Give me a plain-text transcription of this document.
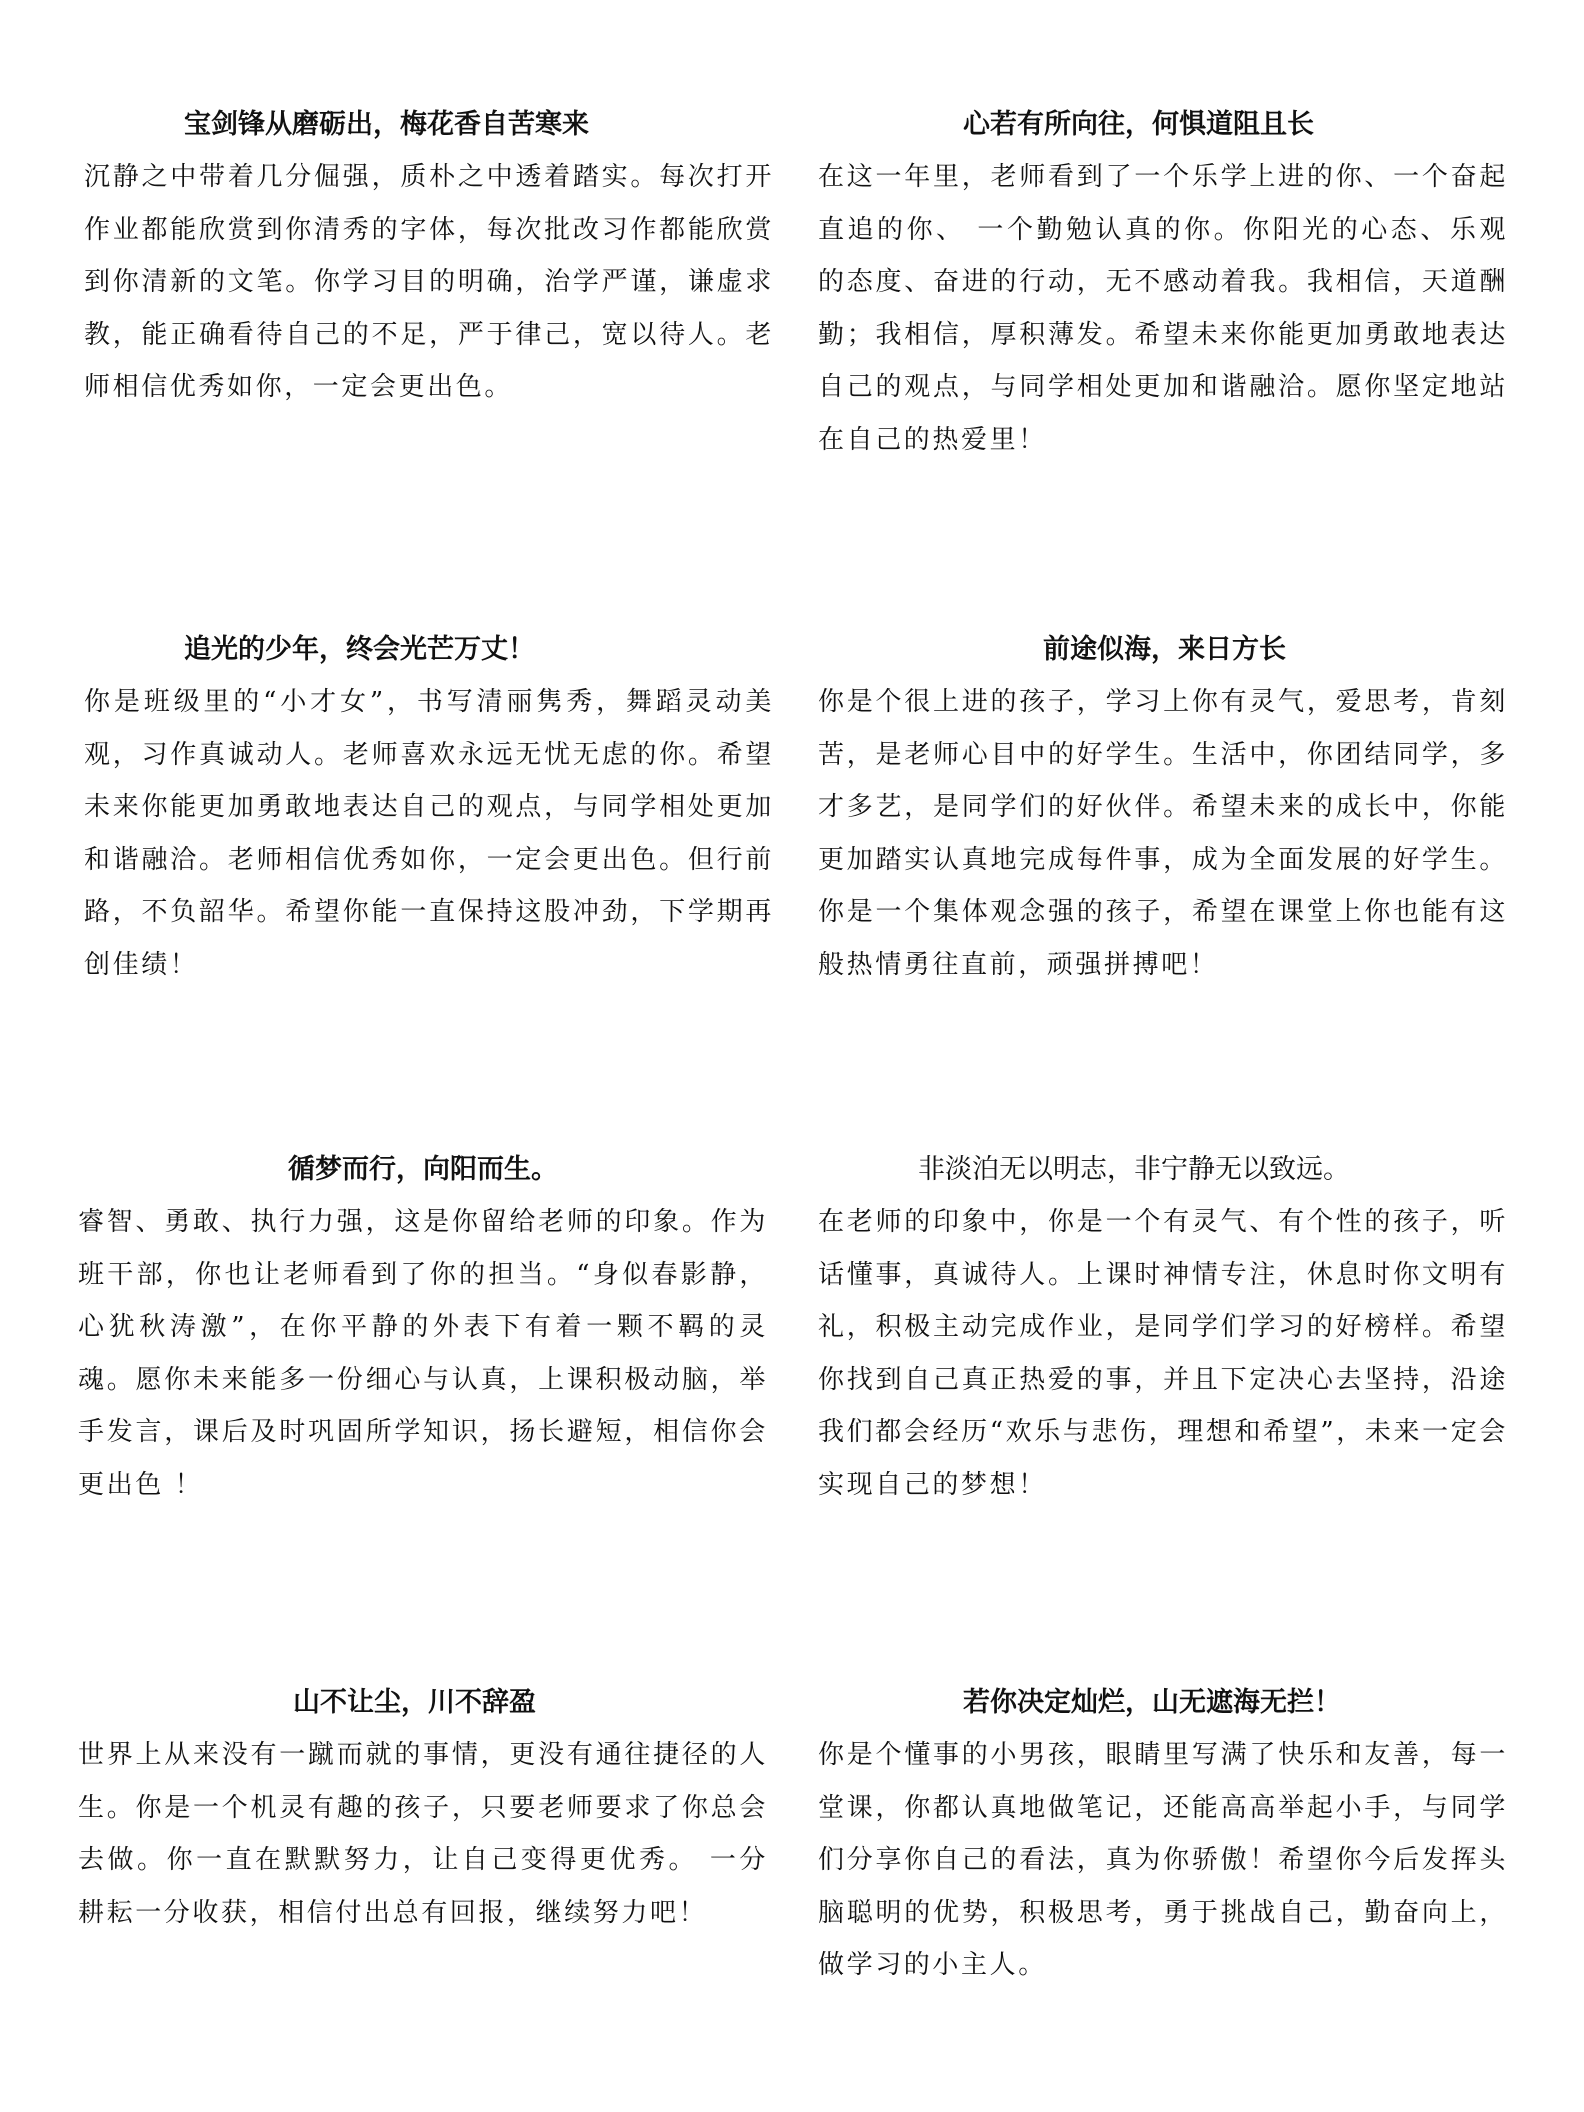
宝剑锋从磨砺出，梅花香自苦寒来

沉静之中带着几分倔强，质朴之中透着踏实。每次打开作业都能欣赏到你清秀的字体，每次批改习作都能欣赏到你清新的文笔。你学习目的明确，治学严谨，谦虚求教，能正确看待自己的不足，严于律己，宽以待人。老师相信优秀如你，一定会更出色。

心若有所向往，何惧道阻且长

在这一年里，老师看到了一个乐学上进的你、一个奋起直追的你、 一个勤勉认真的你。你阳光的心态、乐观的态度、奋进的行动，无不感动着我。我相信，天道酬勤；我相信，厚积薄发。希望未来你能更加勇敢地表达自己的观点，与同学相处更加和谐融洽。愿你坚定地站在自己的热爱里！

追光的少年，终会光芒万丈！

你是班级里的“小才女”，书写清丽隽秀，舞蹈灵动美观，习作真诚动人。老师喜欢永远无忧无虑的你。希望未来你能更加勇敢地表达自己的观点，与同学相处更加和谐融洽。老师相信优秀如你，一定会更出色。但行前路，不负韶华。希望你能一直保持这股冲劲，下学期再创佳绩！

前途似海，来日方长

你是个很上进的孩子，学习上你有灵气，爱思考，肯刻苦，是老师心目中的好学生。生活中，你团结同学，多才多艺，是同学们的好伙伴。希望未来的成长中，你能更加踏实认真地完成每件事，成为全面发展的好学生。你是一个集体观念强的孩子，希望在课堂上你也能有这般热情勇往直前，顽强拼搏吧！

循梦而行，向阳而生。

睿智、勇敢、执行力强，这是你留给老师的印象。作为班干部，你也让老师看到了你的担当。“身似春影静，心犹秋涛激”，在你平静的外表下有着一颗不羁的灵魂。愿你未来能多一份细心与认真，上课积极动脑，举手发言，课后及时巩固所学知识，扬长避短，相信你会更出色 ！

非淡泊无以明志，非宁静无以致远。

在老师的印象中，你是一个有灵气、有个性的孩子，听话懂事，真诚待人。上课时神情专注，休息时你文明有礼，积极主动完成作业，是同学们学习的好榜样。希望你找到自己真正热爱的事，并且下定决心去坚持，沿途我们都会经历“欢乐与悲伤，理想和希望”，未来一定会实现自己的梦想！

山不让尘，川不辞盈

世界上从来没有一蹴而就的事情，更没有通往捷径的人生。你是一个机灵有趣的孩子，只要老师要求了你总会去做。你一直在默默努力，让自己变得更优秀。 一分耕耘一分收获，相信付出总有回报，继续努力吧！

若你决定灿烂，山无遮海无拦！

你是个懂事的小男孩，眼睛里写满了快乐和友善，每一堂课，你都认真地做笔记，还能高高举起小手，与同学们分享你自己的看法，真为你骄傲！希望你今后发挥头脑聪明的优势，积极思考，勇于挑战自己，勤奋向上，做学习的小主人。
